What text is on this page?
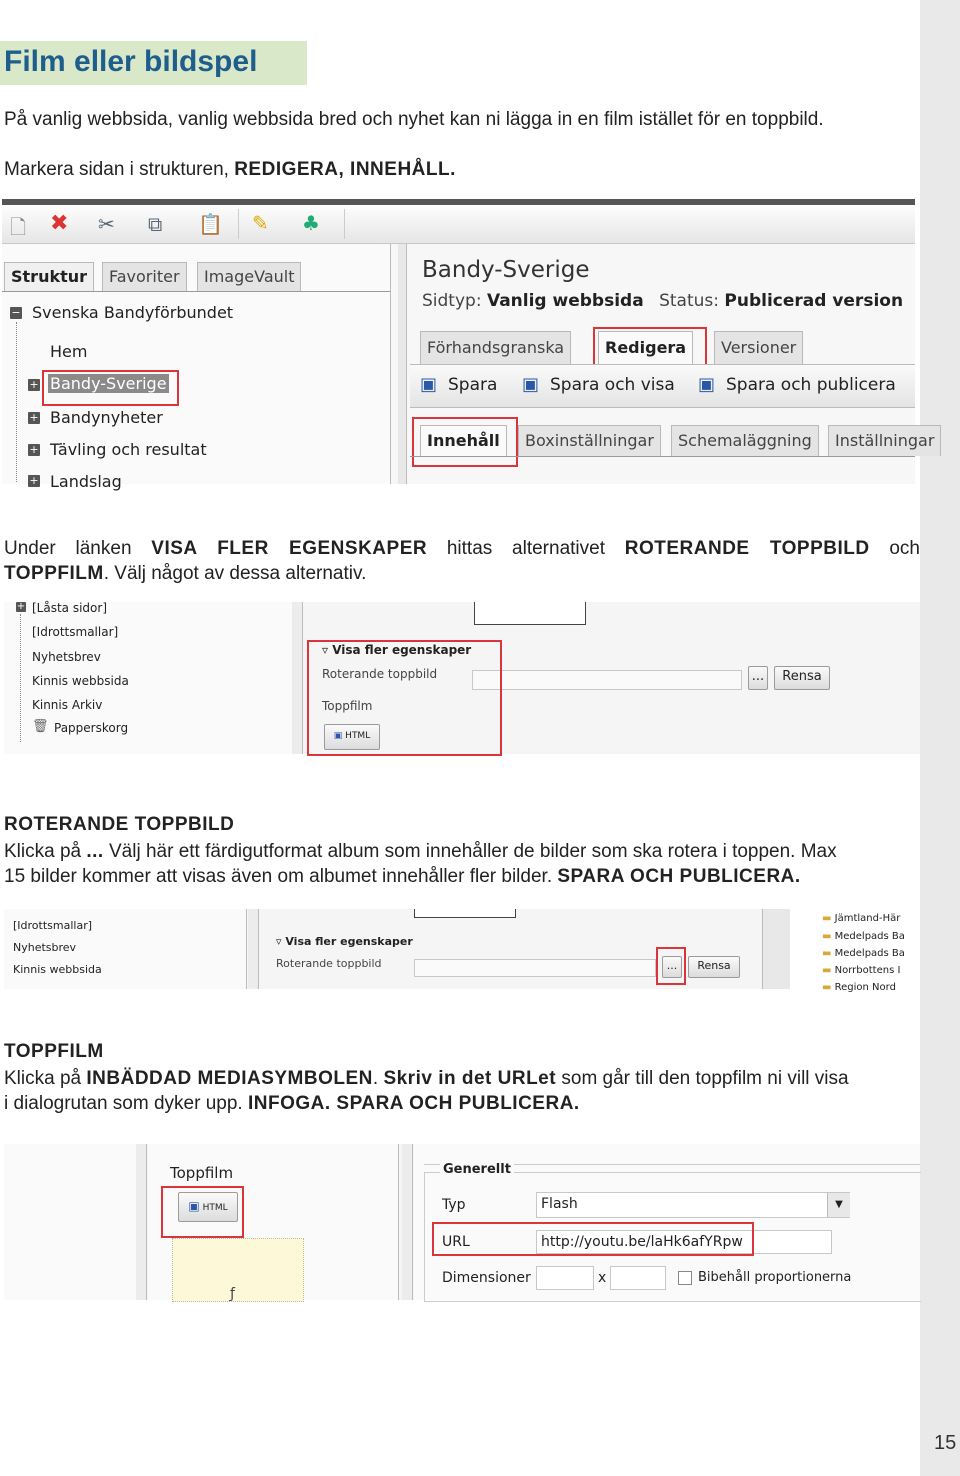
Film eller bildspel
På vanlig webbsida, vanlig webbsida bred och nyhet kan ni lägga in en film istället för en toppbild.
Markera sidan i strukturen, REDIGERA, INNEHÅLL.
🗋 ✖ ✂ ⧉ 📋 ✎ ♣
Struktur	Favoriter	ImageVault
− Svenska Bandyförbundet
Hem
+ Bandy-Sverige
+ Bandynyheter
+ Tävling och resultat
+ Landslag
Bandy-Sverige
Sidtyp: Vanlig webbsida Status: Publicerad version
Förhandsgranska	Redigera	Versioner
▣ Spara ▣ Spara och visa ▣ Spara och publicera
Innehåll	Boxinställningar	Schemaläggning	Inställningar
Under länken VISA FLER EGENSKAPER hittas alternativet ROTERANDE TOPPBILD och
TOPPFILM. Välj något av dessa alternativ.
+ [Låsta sidor]
[Idrottsmallar]
Nyhetsbrev
Kinnis webbsida
Kinnis Arkiv
🗑 Papperskorg
▿ Visa fler egenskaper
Roterande toppbild	...	Rensa
Toppfilm
▣ HTML
ROTERANDE TOPPBILD
Klicka på ... Välj här ett färdigutformat album som innehåller de bilder som ska rotera i toppen. Max
15 bilder kommer att visas även om albumet innehåller fler bilder. SPARA OCH PUBLICERA.
[Idrottsmallar]
Nyhetsbrev
Kinnis webbsida
▿ Visa fler egenskaper
Roterande toppbild	...	Rensa
▬ Jämtland-Här
▬ Medelpads Ba
▬ Medelpads Ba
▬ Norrbottens I
▬ Region Nord
TOPPFILM
Klicka på INBÄDDAD MEDIASYMBOLEN. Skriv in det URLet som går till den toppfilm ni vill visa
i dialogrutan som dyker upp. INFOGA. SPARA OCH PUBLICERA.
Toppfilm
▣ HTML
ƒ
Generellt
Typ	Flash	▼
URL	http://youtu.be/laHk6afYRpw
Dimensioner	x	Bibehåll proportionerna
15
